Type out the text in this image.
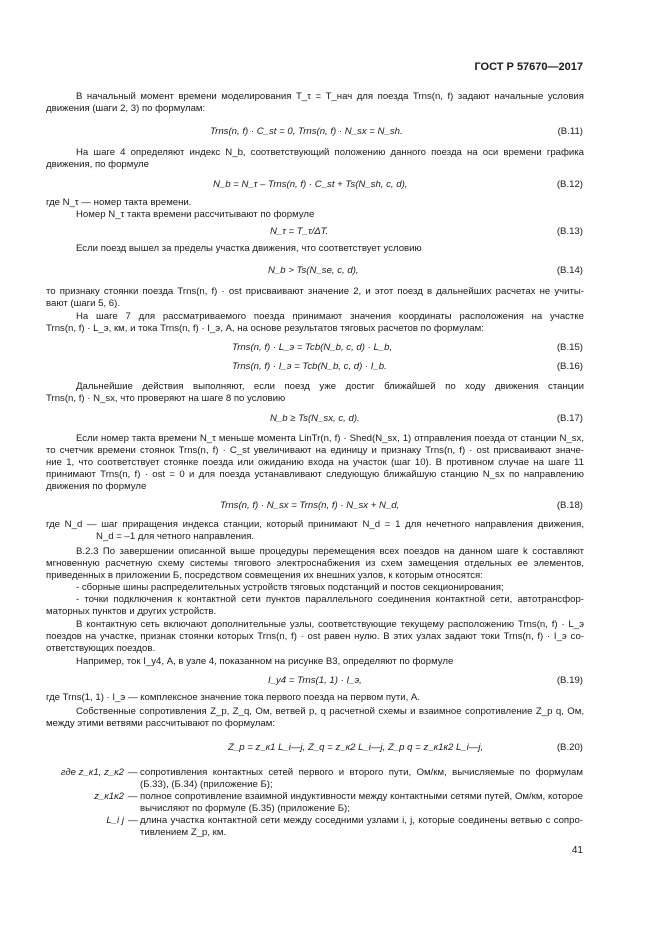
ГОСТ Р 57670—2017
В начальный момент времени моделирования T_τ = T_нач для поезда Trns(n, f) задают начальные условия
движения (шаги 2, 3) по формулам:
Trns(n, f) · C_st = 0, Trns(n, f) · N_sx = N_sh.	(В.11)
На шаге 4 определяют индекс N_b, соответствующий положению данного поезда на оси времени графика
движения, по формуле
N_b = N_τ – Trns(n, f) · C_st + Ts(N_sh, c, d),	(В.12)
где N_τ — номер такта времени.
Номер N_τ такта времени рассчитывают по формуле
N_τ = T_τ/ΔT.	(В.13)
Если поезд вышел за пределы участка движения, что соответствует условию
N_b > Ts(N_se, c, d),	(В.14)
то признаку стоянки поезда Trns(n, f) · ost присваивают значение 2, и этот поезд в дальнейших расчетах не учиты-
вают (шаги 5, 6).
На шаге 7 для рассматриваемого поезда принимают значения координаты расположения на участке
Trns(n, f) · L_э, км, и тока Trns(n, f) · I_э, А, на основе результатов тяговых расчетов по формулам:
Trns(n, f) · L_э = Tcb(N_b, c, d) · L_b,	(В.15)
Trns(n, f) · I_э = Tcb(N_b, c, d) · I_b.	(В.16)
Дальнейшие действия выполняют, если поезд уже достиг ближайшей по ходу движения станции
Trns(n, f) · N_sx, что проверяют на шаге 8 по условию
N_b ≥ Ts(N_sx, c, d).	(В.17)
Если номер такта времени N_τ меньше момента LinTr(n, f) · Shed(N_sx, 1) отправления поезда от станции N_sx,
то счетчик времени стоянок Trns(n, f) · C_st увеличивают на единицу и признаку Trns(n, f) · ost присваивают значе-
ние 1, что соответствует стоянке поезда или ожиданию входа на участок (шаг 10). В противном случае на шаге 11
принимают Trns(n, f) · ost = 0 и для поезда устанавливают следующую ближайшую станцию N_sx по направлению
движения по формуле
Trns(n, f) · N_sx = Trns(n, f) · N_sx + N_d,	(В.18)
где N_d — шаг приращения индекса станции, который принимают N_d = 1 для нечетного направления движения,
N_d = –1 для четного направления.
В.2.3 По завершении описанной выше процедуры перемещения всех поездов на данном шаге k составляют
мгновенную расчетную схему системы тягового электроснабжения из схем замещения отдельных ее элементов,
приведенных в приложении Б, посредством совмещения их внешних узлов, к которым относятся:
- сборные шины распределительных устройств тяговых подстанций и постов секционирования;
- точки подключения к контактной сети пунктов параллельного соединения контактной сети, автотрансфор-
маторных пунктов и других устройств.
В контактную сеть включают дополнительные узлы, соответствующие текущему расположению Trns(n, f) · L_э
поездов на участке, признак стоянки которых Trns(n, f) · ost равен нулю. В этих узлах задают токи Trns(n, f) · I_э со-
ответствующих поездов.
Например, ток I_y4, А, в узле 4, показанном на рисунке В3, определяют по формуле
I_y4 = Trns(1, 1) · I_э,	(В.19)
где Trns(1, 1) · I_э — комплексное значение тока первого поезда на первом пути, А.
Собственные сопротивления Z_p, Z_q, Ом, ветвей p, q расчетной схемы и взаимное сопротивление Z_p q, Ом,
между этими ветвями рассчитывают по формулам:
Z_p = z_к1 L_i—j, Z_q = z_к2 L_i—j, Z_p q = z_к1к2 L_i—j,	(В.20)
где z_к1, z_к2 — сопротивления контактных сетей первого и второго пути, Ом/км, вычисляемые по формулам (Б.33), (Б.34) (приложение Б);
z_к1к2 — полное сопротивление взаимной индуктивности между контактными сетями путей, Ом/км, которое вычисляют по формуле (Б.35) (приложение Б);
L_i j — длина участка контактной сети между соседними узлами i, j, которые соединены ветвью с сопро-тивлением Z_p, км.
41
